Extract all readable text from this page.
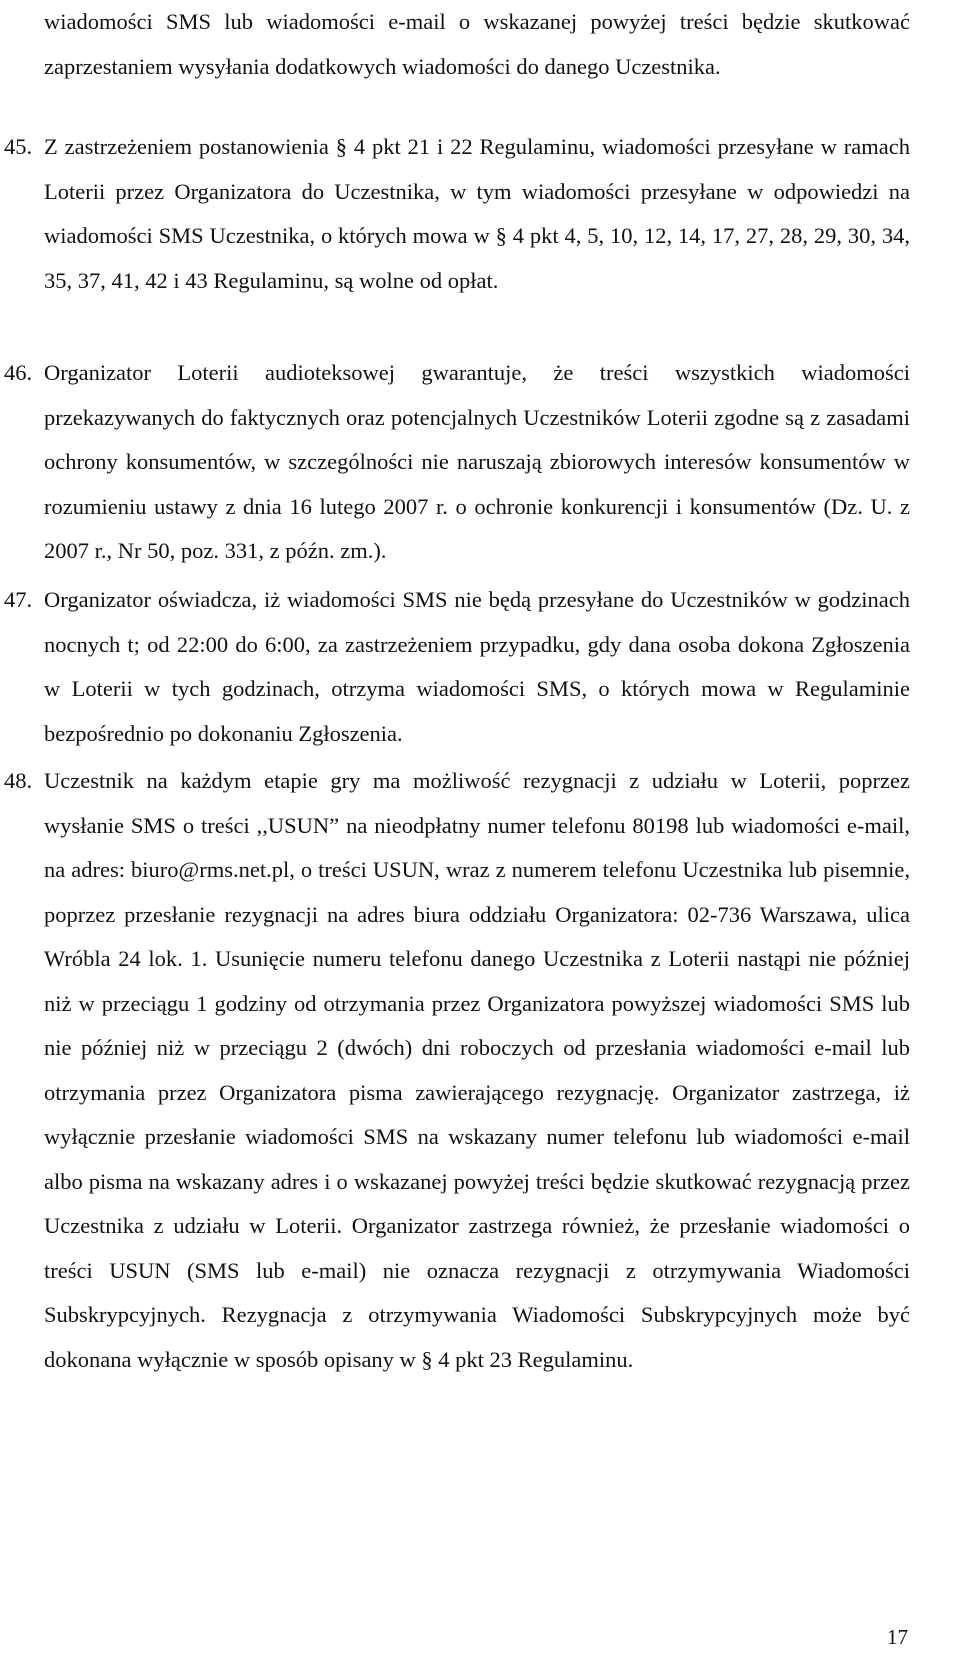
wiadomości SMS lub wiadomości e-mail o wskazanej powyżej treści będzie skutkować zaprzestaniem wysyłania dodatkowych wiadomości do danego Uczestnika.

45. Z zastrzeżeniem postanowienia § 4 pkt 21 i 22 Regulaminu, wiadomości przesyłane w ramach Loterii przez Organizatora do Uczestnika, w tym wiadomości przesyłane w odpowiedzi na wiadomości SMS Uczestnika, o których mowa w § 4 pkt 4, 5, 10, 12, 14, 17, 27, 28, 29, 30, 34, 35, 37, 41, 42 i 43 Regulaminu, są wolne od opłat.
46. Organizator Loterii audioteksowej gwarantuje, że treści wszystkich wiadomości przekazywanych do faktycznych oraz potencjalnych Uczestników Loterii zgodne są z zasadami ochrony konsumentów, w szczególności nie naruszają zbiorowych interesów konsumentów w rozumieniu ustawy z dnia 16 lutego 2007 r. o ochronie konkurencji i konsumentów (Dz. U. z 2007 r., Nr 50, poz. 331, z późn. zm.).
47. Organizator oświadcza, iż wiadomości SMS nie będą przesyłane do Uczestników w godzinach nocnych t; od 22:00 do 6:00, za zastrzeżeniem przypadku, gdy dana osoba dokona Zgłoszenia w Loterii w tych godzinach, otrzyma wiadomości SMS, o których mowa w Regulaminie bezpośrednio po dokonaniu Zgłoszenia.
48. Uczestnik na każdym etapie gry ma możliwość rezygnacji z udziału w Loterii, poprzez wysłanie SMS o treści ,,USUN” na nieodpłatny numer telefonu 80198 lub wiadomości e-mail, na adres: biuro@rms.net.pl, o treści USUN, wraz z numerem telefonu Uczestnika lub pisemnie, poprzez przesłanie rezygnacji na adres biura oddziału Organizatora: 02-736 Warszawa, ulica Wróbla 24 lok. 1. Usunięcie numeru telefonu danego Uczestnika z Loterii nastąpi nie później niż w przeciągu 1 godziny od otrzymania przez Organizatora powyższej wiadomości SMS lub nie później niż w przeciągu 2 (dwóch) dni roboczych od przesłania wiadomości e-mail lub otrzymania przez Organizatora pisma zawierającego rezygnację. Organizator zastrzega, iż wyłącznie przesłanie wiadomości SMS na wskazany numer telefonu lub wiadomości e-mail albo pisma na wskazany adres i o wskazanej powyżej treści będzie skutkować rezygnacją przez Uczestnika z udziału w Loterii. Organizator zastrzega również, że przesłanie wiadomości o treści USUN (SMS lub e-mail) nie oznacza rezygnacji z otrzymywania Wiadomości Subskrypcyjnych. Rezygnacja z otrzymywania Wiadomości Subskrypcyjnych może być dokonana wyłącznie w sposób opisany w § 4 pkt 23 Regulaminu.
17
